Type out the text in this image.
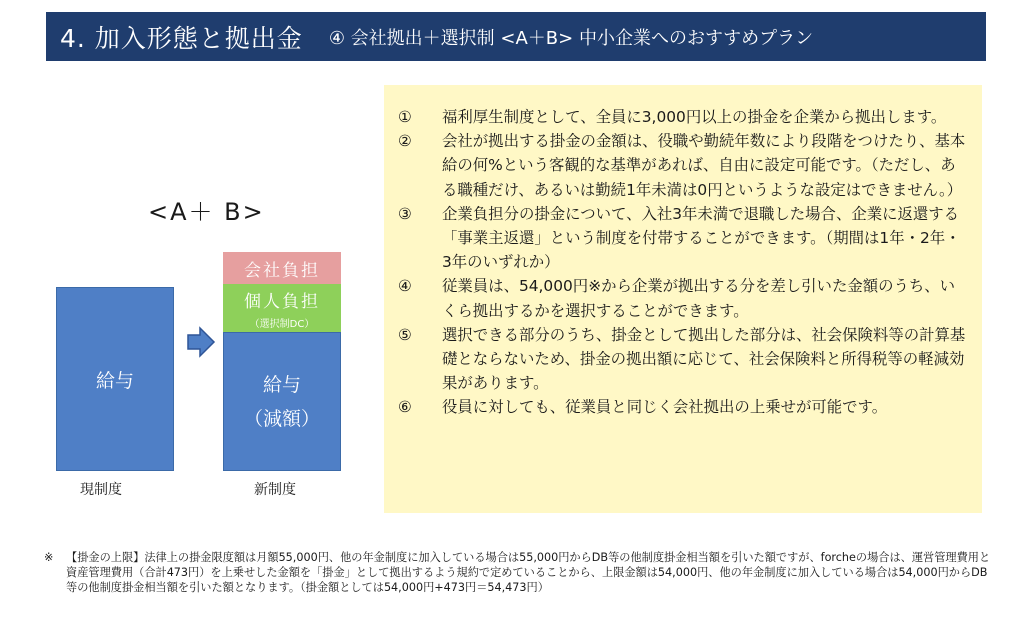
4. 加入形態と拠出金 ④ 会社拠出＋選択制 <A＋B> 中小企業へのおすすめプラン
<A＋ B>
給与
会社負担
個人負担
（選択制DC）
給与
（減額）
現制度	新制度
①	福利厚生制度として、全員に3,000円以上の掛金を企業から拠出します。
②	会社が拠出する掛金の金額は、役職や勤続年数により段階をつけたり、基本給の何%という客観的な基準があれば、自由に設定可能です。（ただし、ある職種だけ、あるいは勤続1年未満は0円というような設定はできません。）
③	企業負担分の掛金について、入社3年未満で退職した場合、企業に返還する「事業主返還」という制度を付帯することができます。（期間は1年・2年・3年のいずれか）
④	従業員は、54,000円※から企業が拠出する分を差し引いた金額のうち、いくら拠出するかを選択することができます。
⑤	選択できる部分のうち、掛金として拠出した部分は、社会保険料等の計算基礎とならないため、掛金の拠出額に応じて、社会保険料と所得税等の軽減効果があります。
⑥	役員に対しても、従業員と同じく会社拠出の上乗せが可能です。
※	【掛金の上限】法律上の掛金限度額は月額55,000円、他の年金制度に加入している場合は55,000円からDB等の他制度掛金相当額を引いた額ですが、forcheの場合は、運営管理費用と資産管理費用（合計473円）を上乗せした金額を「掛金」として拠出するよう規約で定めていることから、上限金額は54,000円、他の年金制度に加入している場合は54,000円からDB等の他制度掛金相当額を引いた額となります。（掛金額としては54,000円+473円＝54,473円）
